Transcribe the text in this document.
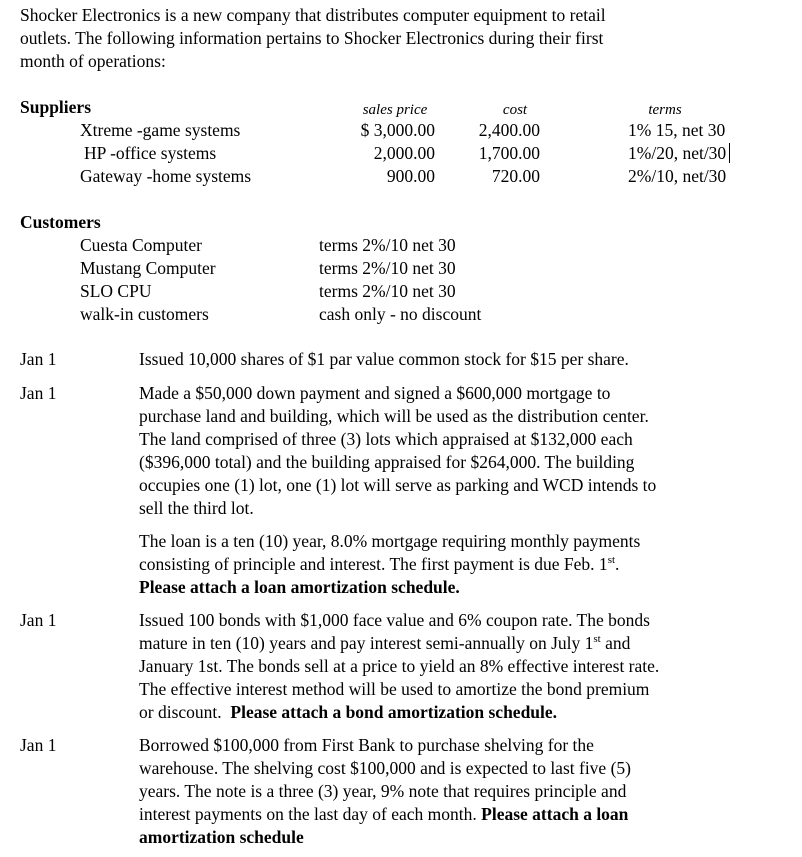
Shocker Electronics is a new company that distributes computer equipment to retail
outlets. The following information pertains to Shocker Electronics during their first
month of operations:
Suppliers	sales price	cost	terms
Xtreme -game systems	$ 3,000.00	2,400.00	1% 15, net 30
HP -office systems	2,000.00	1,700.00	1%/20, net/30
Gateway -home systems	900.00	720.00	2%/10, net/30
Customers
Cuesta Computer	terms 2%/10 net 30
Mustang Computer	terms 2%/10 net 30
SLO CPU	terms 2%/10 net 30
walk-in customers	cash only - no discount
Jan 1	Issued 10,000 shares of $1 par value common stock for $15 per share.
Jan 1	Made a $50,000 down payment and signed a $600,000 mortgage to
purchase land and building, which will be used as the distribution center.
The land comprised of three (3) lots which appraised at $132,000 each
($396,000 total) and the building appraised for $264,000. The building
occupies one (1) lot, one (1) lot will serve as parking and WCD intends to
sell the third lot.
The loan is a ten (10) year, 8.0% mortgage requiring monthly payments
consisting of principle and interest. The first payment is due Feb. 1st.
Please attach a loan amortization schedule.
Jan 1	Issued 100 bonds with $1,000 face value and 6% coupon rate. The bonds
mature in ten (10) years and pay interest semi-annually on July 1st and
January 1st. The bonds sell at a price to yield an 8% effective interest rate.
The effective interest method will be used to amortize the bond premium
or discount.  Please attach a bond amortization schedule.
Jan 1	Borrowed $100,000 from First Bank to purchase shelving for the
warehouse. The shelving cost $100,000 and is expected to last five (5)
years. The note is a three (3) year, 9% note that requires principle and
interest payments on the last day of each month. Please attach a loan
amortization schedule
